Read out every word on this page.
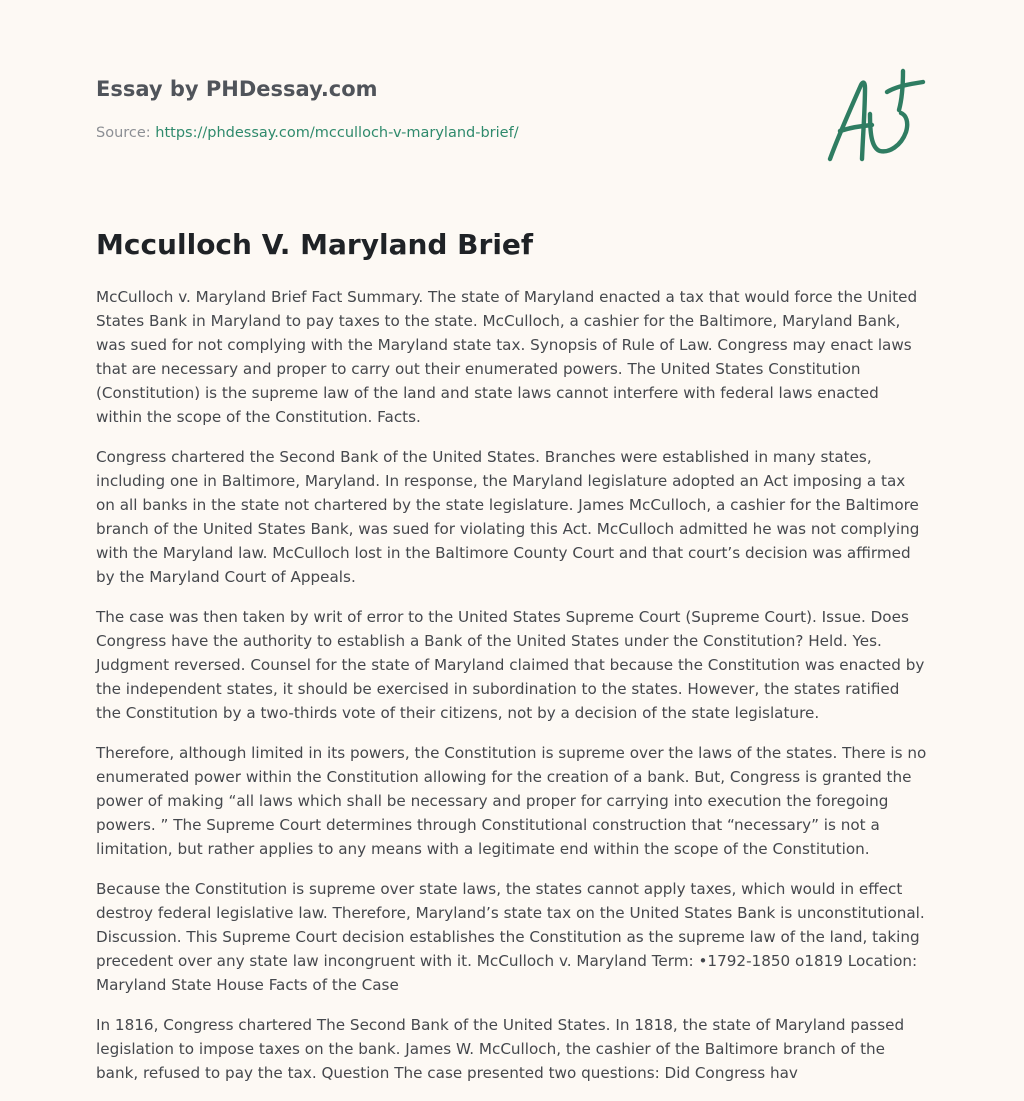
Essay by PHDessay.com
Source: https://phdessay.com/mcculloch-v-maryland-brief/
Mcculloch V. Maryland Brief

McCulloch v. Maryland Brief Fact Summary. The state of Maryland enacted a tax that would force the United States Bank in Maryland to pay taxes to the state. McCulloch, a cashier for the Baltimore, Maryland Bank, was sued for not complying with the Maryland state tax. Synopsis of Rule of Law. Congress may enact laws that are necessary and proper to carry out their enumerated powers. The United States Constitution (Constitution) is the supreme law of the land and state laws cannot interfere with federal laws enacted within the scope of the Constitution. Facts.

Congress chartered the Second Bank of the United States. Branches were established in many states, including one in Baltimore, Maryland. In response, the Maryland legislature adopted an Act imposing a tax on all banks in the state not chartered by the state legislature. James McCulloch, a cashier for the Baltimore branch of the United States Bank, was sued for violating this Act. McCulloch admitted he was not complying with the Maryland law. McCulloch lost in the Baltimore County Court and that court’s decision was affirmed by the Maryland Court of Appeals.

The case was then taken by writ of error to the United States Supreme Court (Supreme Court). Issue. Does Congress have the authority to establish a Bank of the United States under the Constitution? Held. Yes. Judgment reversed. Counsel for the state of Maryland claimed that because the Constitution was enacted by the independent states, it should be exercised in subordination to the states. However, the states ratified the Constitution by a two-thirds vote of their citizens, not by a decision of the state legislature.

Therefore, although limited in its powers, the Constitution is supreme over the laws of the states. There is no enumerated power within the Constitution allowing for the creation of a bank. But, Congress is granted the power of making “all laws which shall be necessary and proper for carrying into execution the foregoing powers. ” The Supreme Court determines through Constitutional construction that “necessary” is not a limitation, but rather applies to any means with a legitimate end within the scope of the Constitution.

Because the Constitution is supreme over state laws, the states cannot apply taxes, which would in effect destroy federal legislative law. Therefore, Maryland’s state tax on the United States Bank is unconstitutional. Discussion. This Supreme Court decision establishes the Constitution as the supreme law of the land, taking precedent over any state law incongruent with it. McCulloch v. Maryland Term: •1792-1850 o1819 Location: Maryland State House Facts of the Case

In 1816, Congress chartered The Second Bank of the United States. In 1818, the state of Maryland passed legislation to impose taxes on the bank. James W. McCulloch, the cashier of the Baltimore branch of the bank, refused to pay the tax. Question The case presented two questions: Did Congress hav
